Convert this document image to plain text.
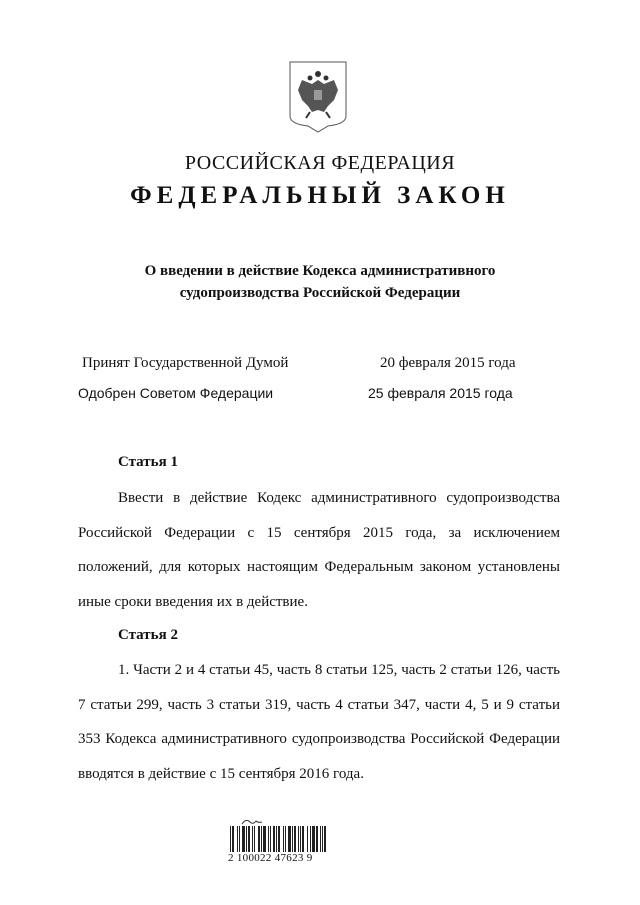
РОССИЙСКАЯ ФЕДЕРАЦИЯ
ФЕДЕРАЛЬНЫЙ ЗАКОН
О введении в действие Кодекса административного
судопроизводства Российской Федерации
Принят Государственной Думой	20 февраля 2015 года
Одобрен Советом Федерации	25 февраля 2015 года
Статья 1
Ввести в действие Кодекс административного судопроизводства Российской Федерации с 15 сентября 2015 года, за исключением положений, для которых настоящим Федеральным законом установлены иные сроки введения их в действие.
Статья 2
1. Части 2 и 4 статьи 45, часть 8 статьи 125, часть 2 статьи 126, часть 7 статьи 299, часть 3 статьи 319, часть 4 статьи 347, части 4, 5 и 9 статьи 353 Кодекса административного судопроизводства Российской Федерации вводятся в действие с 15 сентября 2016 года.
2 100022 47623 9
